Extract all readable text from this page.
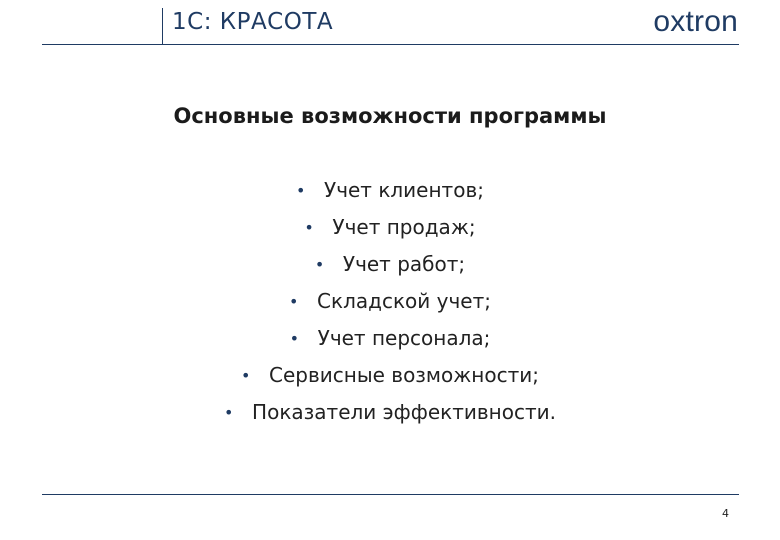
1С: КРАСОТА	oxtron
Основные возможности программы
• Учет клиентов;
• Учет продаж;
• Учет работ;
• Складской учет;
• Учет персонала;
• Сервисные возможности;
• Показатели эффективности.
4
